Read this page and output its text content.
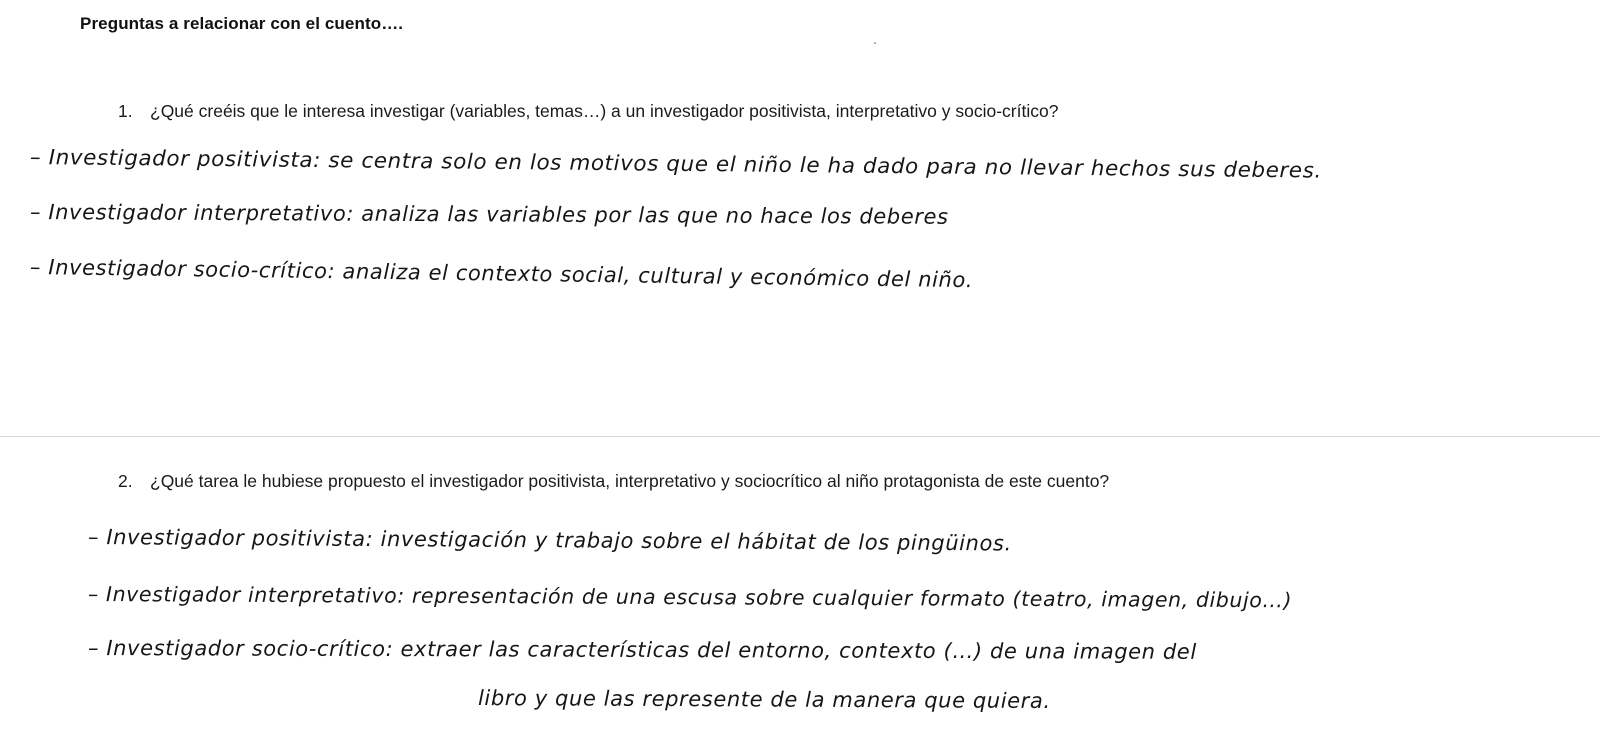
Preguntas a relacionar con el cuento….
1. ¿Qué creéis que le interesa investigar (variables, temas…) a un investigador positivista, interpretativo y socio-crítico?
– Investigador positivista: se centra solo en los motivos que el niño le ha dado para no llevar hechos sus deberes.
– Investigador interpretativo: analiza las variables por las que no hace los deberes
– Investigador socio-crítico: analiza el contexto social, cultural y económico del niño.
2. ¿Qué tarea le hubiese propuesto el investigador positivista, interpretativo y sociocrítico al niño protagonista de este cuento?
– Investigador positivista: investigación y trabajo sobre el hábitat de los pingüinos.
– Investigador interpretativo: representación de una escusa sobre cualquier formato (teatro, imagen, dibujo…)
– Investigador socio-crítico: extraer las características del entorno, contexto (…) de una imagen del
libro y que las represente de la manera que quiera.
